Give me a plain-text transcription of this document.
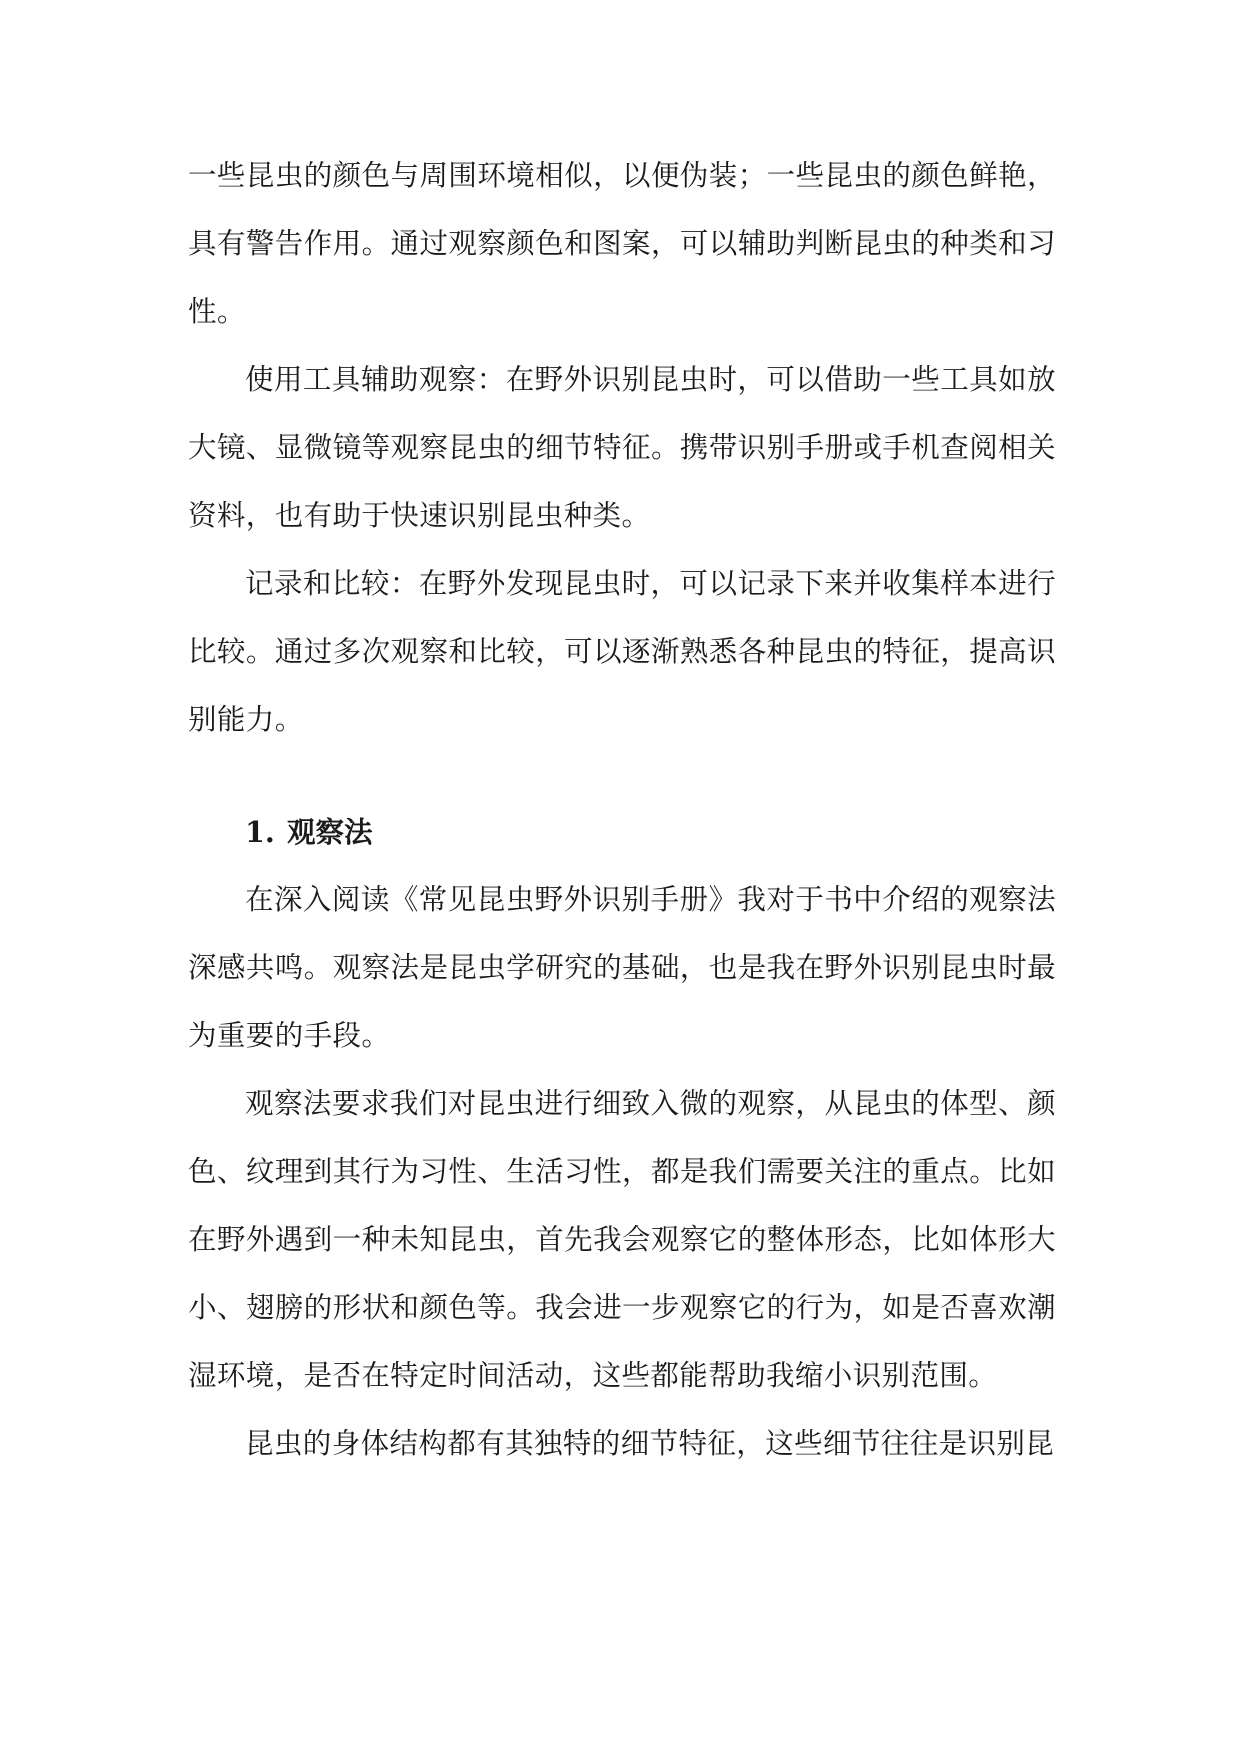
一些昆虫的颜色与周围环境相似，以便伪装；一些昆虫的颜色鲜艳，具有警告作用。通过观察颜色和图案，可以辅助判断昆虫的种类和习性。

使用工具辅助观察：在野外识别昆虫时，可以借助一些工具如放大镜、显微镜等观察昆虫的细节特征。携带识别手册或手机查阅相关资料，也有助于快速识别昆虫种类。

记录和比较：在野外发现昆虫时，可以记录下来并收集样本进行比较。通过多次观察和比较，可以逐渐熟悉各种昆虫的特征，提高识别能力。

1. 观察法

在深入阅读《常见昆虫野外识别手册》我对于书中介绍的观察法深感共鸣。观察法是昆虫学研究的基础，也是我在野外识别昆虫时最为重要的手段。

观察法要求我们对昆虫进行细致入微的观察，从昆虫的体型、颜色、纹理到其行为习性、生活习性，都是我们需要关注的重点。比如在野外遇到一种未知昆虫，首先我会观察它的整体形态，比如体形大小、翅膀的形状和颜色等。我会进一步观察它的行为，如是否喜欢潮湿环境，是否在特定时间活动，这些都能帮助我缩小识别范围。

昆虫的身体结构都有其独特的细节特征，这些细节往往是识别昆
